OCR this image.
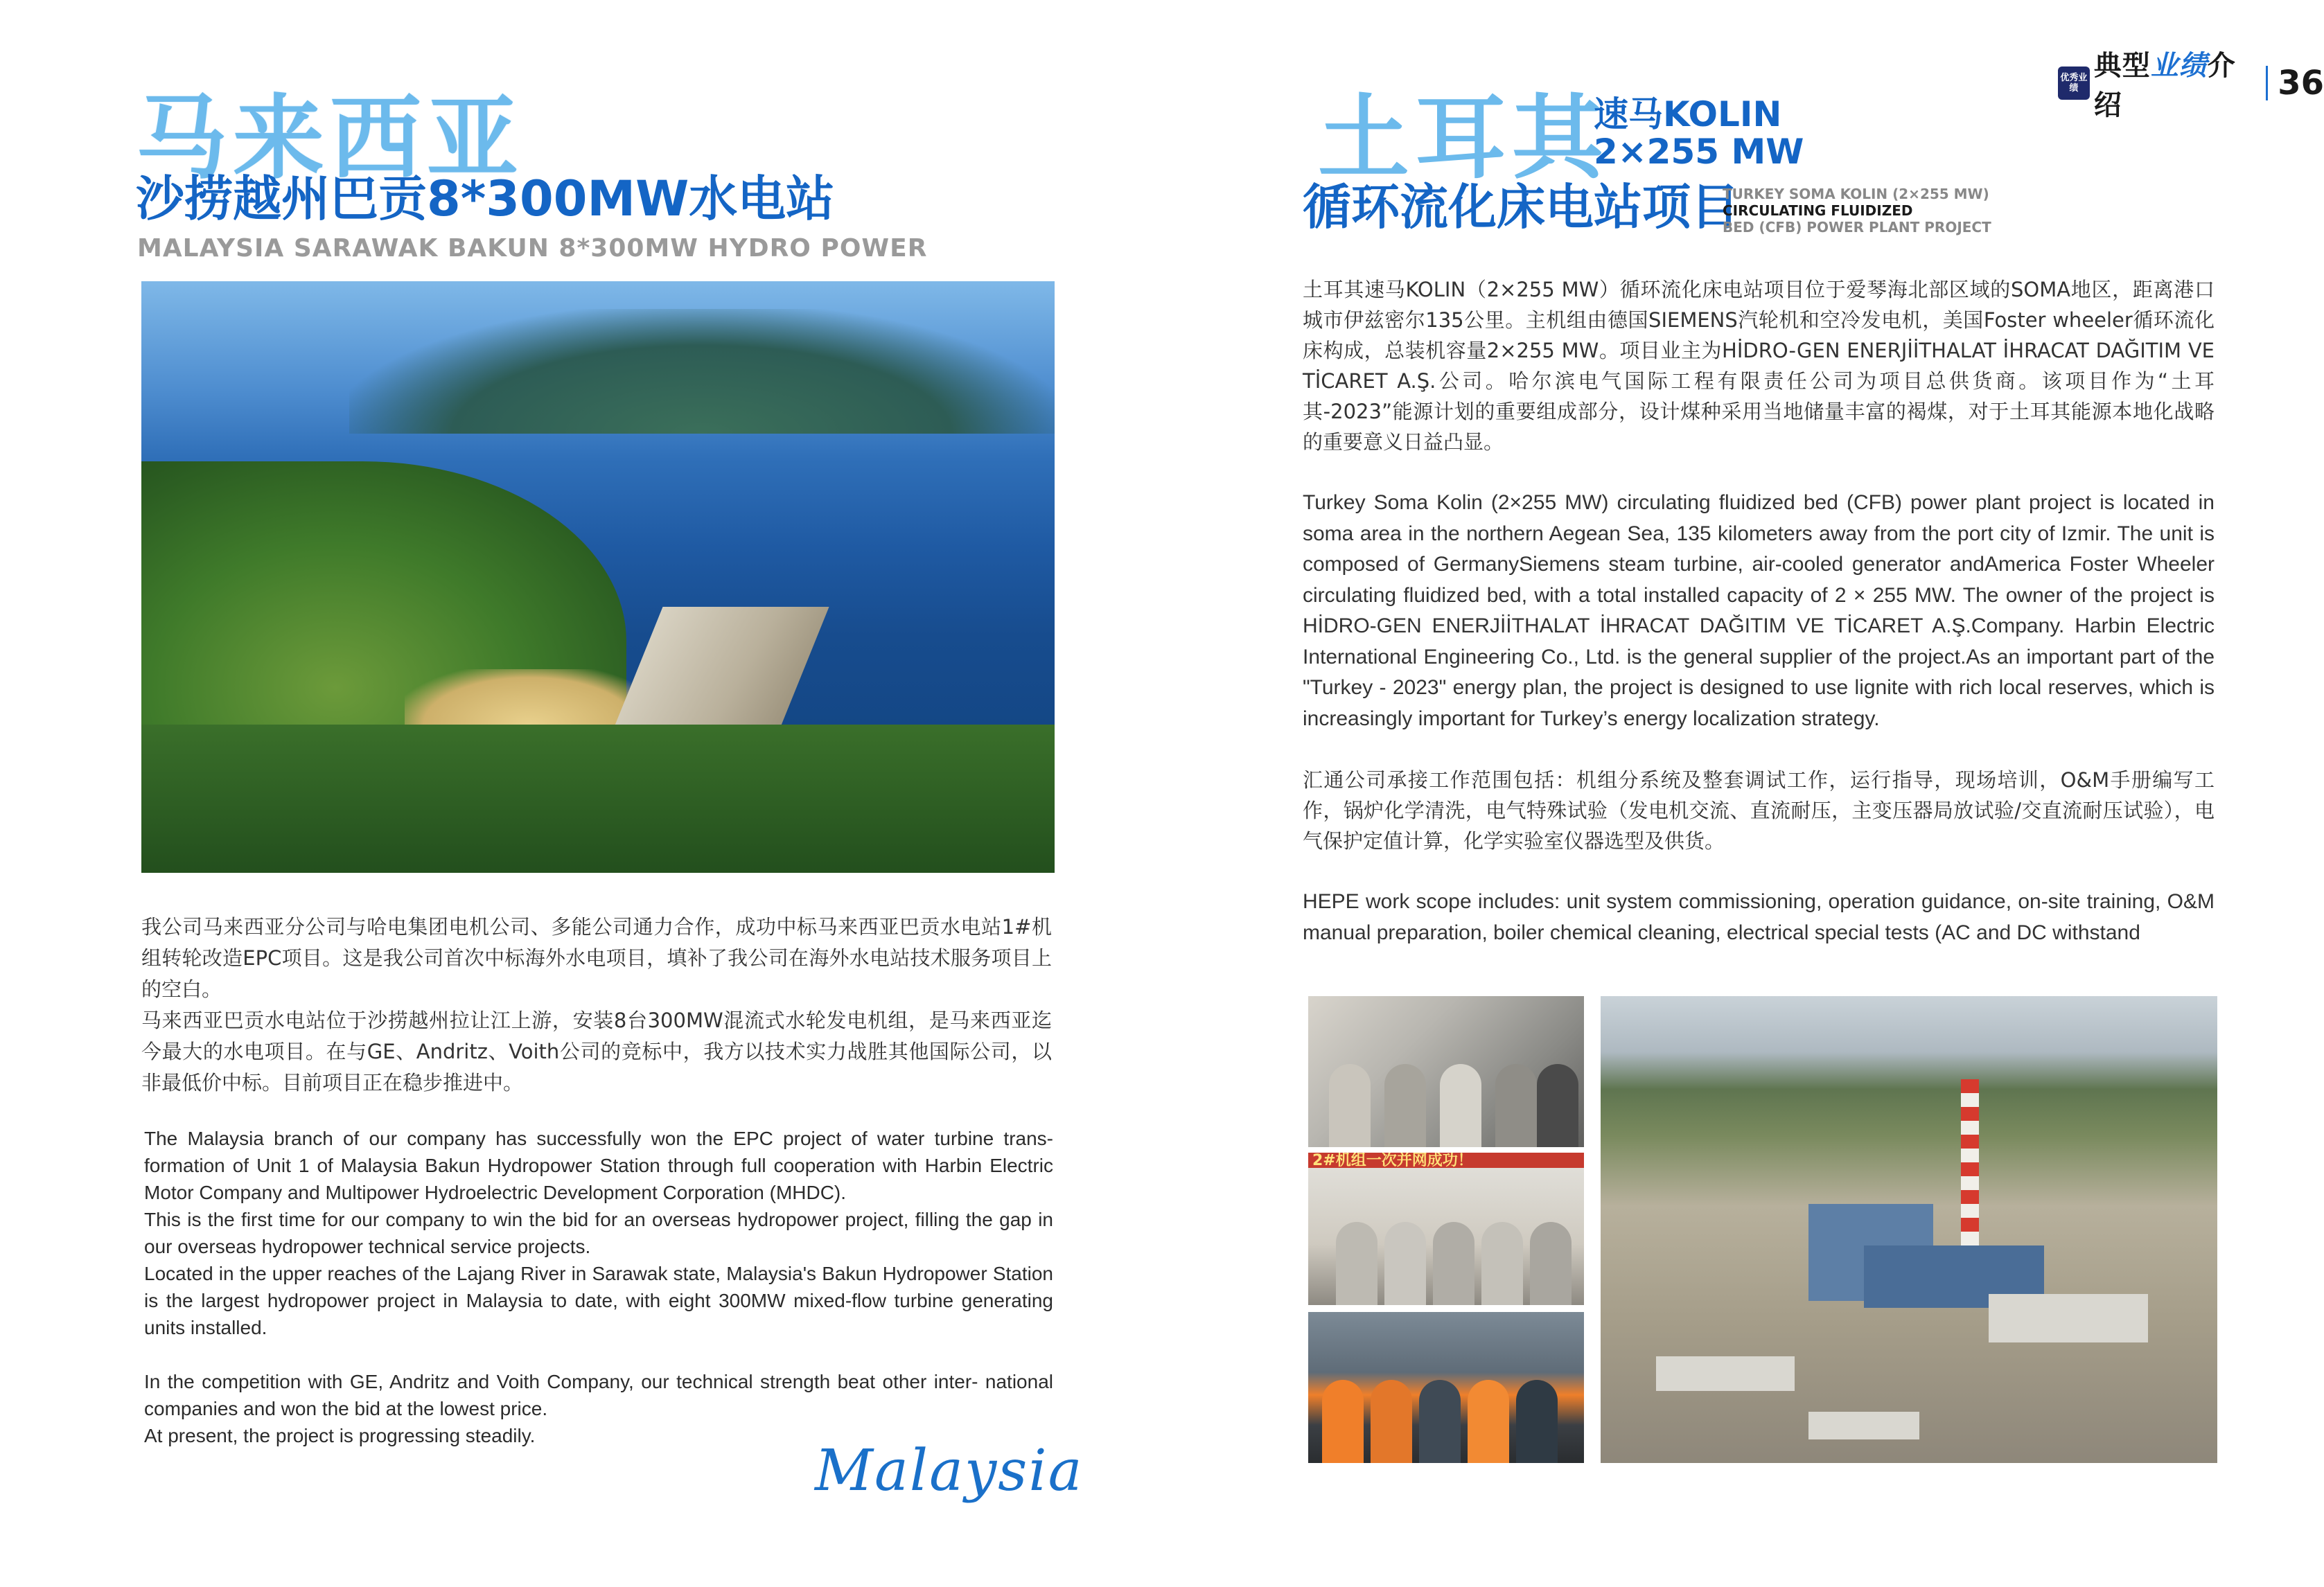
优秀业绩
典型业绩介绍
36
马来西亚
沙捞越州巴贡8*300MW水电站
MALAYSIA SARAWAK BAKUN 8*300MW HYDRO POWER

我公司马来西亚分公司与哈电集团电机公司、多能公司通力合作，成功中标马来西亚巴贡水电站1#机组转轮改造EPC项目。这是我公司首次中标海外水电项目，填补了我公司在海外水电站技术服务项目上的空白。

马来西亚巴贡水电站位于沙捞越州拉让江上游，安装8台300MW混流式水轮发电机组，是马来西亚迄今最大的水电项目。在与GE、Andritz、Voith公司的竞标中，我方以技术实力战胜其他国际公司，以非最低价中标。目前项目正在稳步推进中。

The Malaysia branch of our company has successfully won the EPC project of water turbine trans- formation of Unit 1 of Malaysia Bakun Hydropower Station through full cooperation with Harbin Electric Motor Company and Multipower Hydroelectric Development Corporation (MHDC).

This is the first time for our company to win the bid for an overseas hydropower project, filling the gap in our overseas hydropower technical service projects.

Located in the upper reaches of the Lajang River in Sarawak state, Malaysia's Bakun Hydropower Station is the largest hydropower project in Malaysia to date, with eight 300MW mixed-flow turbine generating units installed.

In the competition with GE, Andritz and Voith Company, our technical strength beat other inter- national companies and won the bid at the lowest price.

At present, the project is progressing steadily.

Malaysia
土耳其
速马KOLIN
2×255 MW
循环流化床电站项目
TURKEY SOMA KOLIN (2×255 MW)
CIRCULATING FLUIDIZED
BED (CFB) POWER PLANT PROJECT

土耳其速马KOLIN（2×255 MW）循环流化床电站项目位于爱琴海北部区域的SOMA地区，距离港口城市伊兹密尔135公里。主机组由德国SIEMENS汽轮机和空冷发电机，美国Foster wheeler循环流化床构成，总装机容量2×255 MW。项目业主为HİDRO-GEN ENERJİİTHALAT İHRACAT DAĞITIM VE TİCARET A.Ş.公司。哈尔滨电气国际工程有限责任公司为项目总供货商。该项目作为“土耳其-2023”能源计划的重要组成部分，设计煤种采用当地储量丰富的褐煤，对于土耳其能源本地化战略的重要意义日益凸显。

Turkey Soma Kolin (2×255 MW) circulating fluidized bed (CFB) power plant project is located in soma area in the northern Aegean Sea, 135 kilometers away from the port city of Izmir. The unit is composed of GermanySiemens steam turbine, air-cooled generator andAmerica Foster Wheeler circulating fluidized bed, with a total installed capacity of 2 × 255 MW. The owner of the project is HİDRO-GEN ENERJİİTHALAT İHRACAT DAĞITIM VE TİCARET A.Ş.Company. Harbin Electric International Engineering Co., Ltd. is the general supplier of the project.As an important part of the "Turkey - 2023" energy plan, the project is designed to use lignite with rich local reserves, which is increasingly important for Turkey’s energy localization strategy.

汇通公司承接工作范围包括：机组分系统及整套调试工作，运行指导，现场培训，O&M手册编写工作，锅炉化学清洗，电气特殊试验（发电机交流、直流耐压，主变压器局放试验/交直流耐压试验），电气保护定值计算，化学实验室仪器选型及供货。

HEPE work scope includes: unit system commissioning, operation guidance, on-site training, O&M manual preparation, boiler chemical cleaning, electrical special tests (AC and DC withstand

2#机组一次并网成功！
